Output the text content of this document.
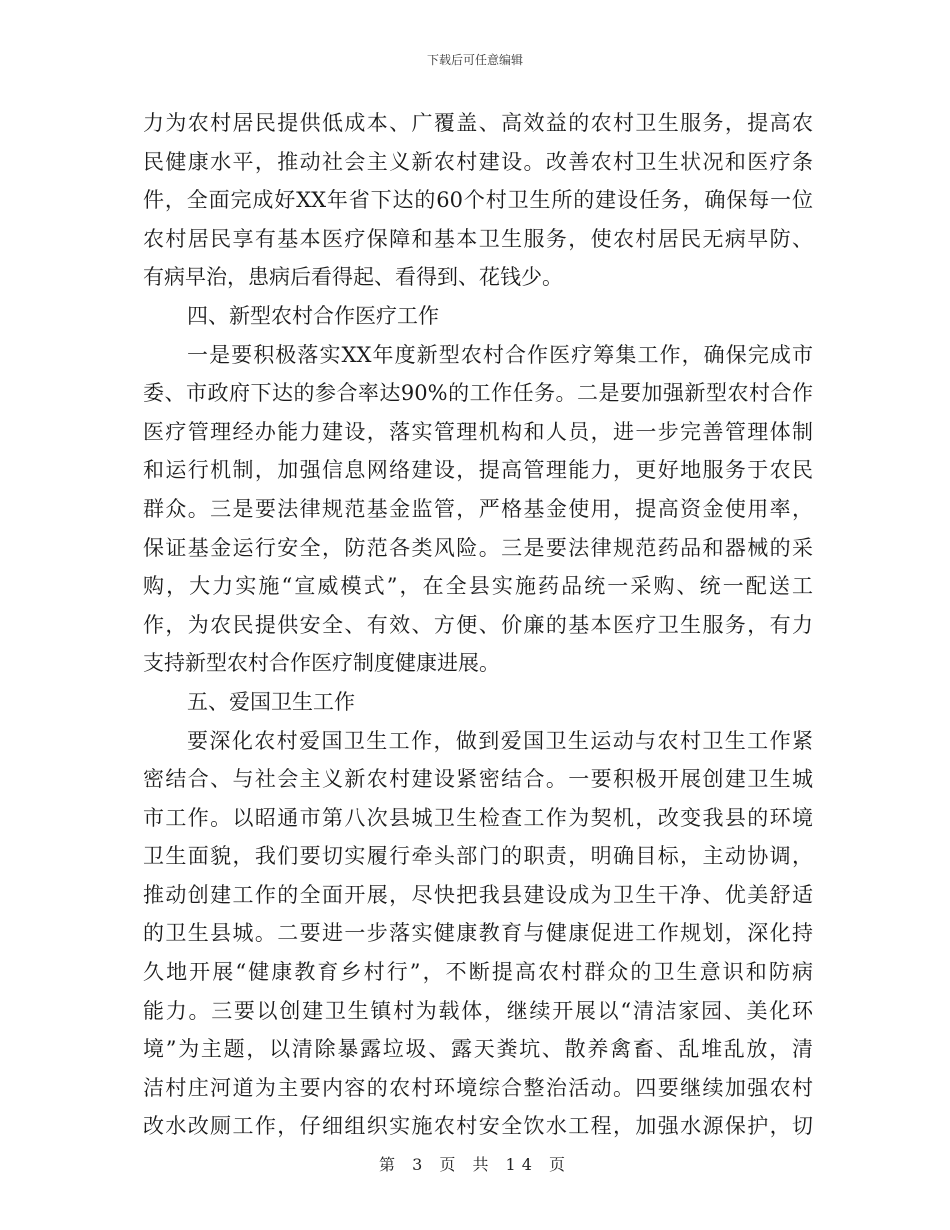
下载后可任意编辑
力为农村居民提供低成本、广覆盖、高效益的农村卫生服务，提高农
民健康水平，推动社会主义新农村建设。改善农村卫生状况和医疗条
件，全面完成好XX年省下达的60个村卫生所的建设任务，确保每一位
农村居民享有基本医疗保障和基本卫生服务，使农村居民无病早防、
有病早治，患病后看得起、看得到、花钱少。
四、新型农村合作医疗工作
一是要积极落实XX年度新型农村合作医疗筹集工作，确保完成市
委、市政府下达的参合率达90%的工作任务。二是要加强新型农村合作
医疗管理经办能力建设，落实管理机构和人员，进一步完善管理体制
和运行机制，加强信息网络建设，提高管理能力，更好地服务于农民
群众。三是要法律规范基金监管，严格基金使用，提高资金使用率，
保证基金运行安全，防范各类风险。三是要法律规范药品和器械的采
购，大力实施“宣威模式”，在全县实施药品统一采购、统一配送工
作，为农民提供安全、有效、方便、价廉的基本医疗卫生服务，有力
支持新型农村合作医疗制度健康进展。
五、爱国卫生工作
要深化农村爱国卫生工作，做到爱国卫生运动与农村卫生工作紧
密结合、与社会主义新农村建设紧密结合。一要积极开展创建卫生城
市工作。以昭通市第八次县城卫生检查工作为契机，改变我县的环境
卫生面貌，我们要切实履行牵头部门的职责，明确目标，主动协调，
推动创建工作的全面开展，尽快把我县建设成为卫生干净、优美舒适
的卫生县城。二要进一步落实健康教育与健康促进工作规划，深化持
久地开展“健康教育乡村行”，不断提高农村群众的卫生意识和防病
能力。三要以创建卫生镇村为载体，继续开展以“清洁家园、美化环
境”为主题，以清除暴露垃圾、露天粪坑、散养禽畜、乱堆乱放，清
洁村庄河道为主要内容的农村环境综合整治活动。四要继续加强农村
改水改厕工作，仔细组织实施农村安全饮水工程，加强水源保护，切
第 3 页 共 14 页
